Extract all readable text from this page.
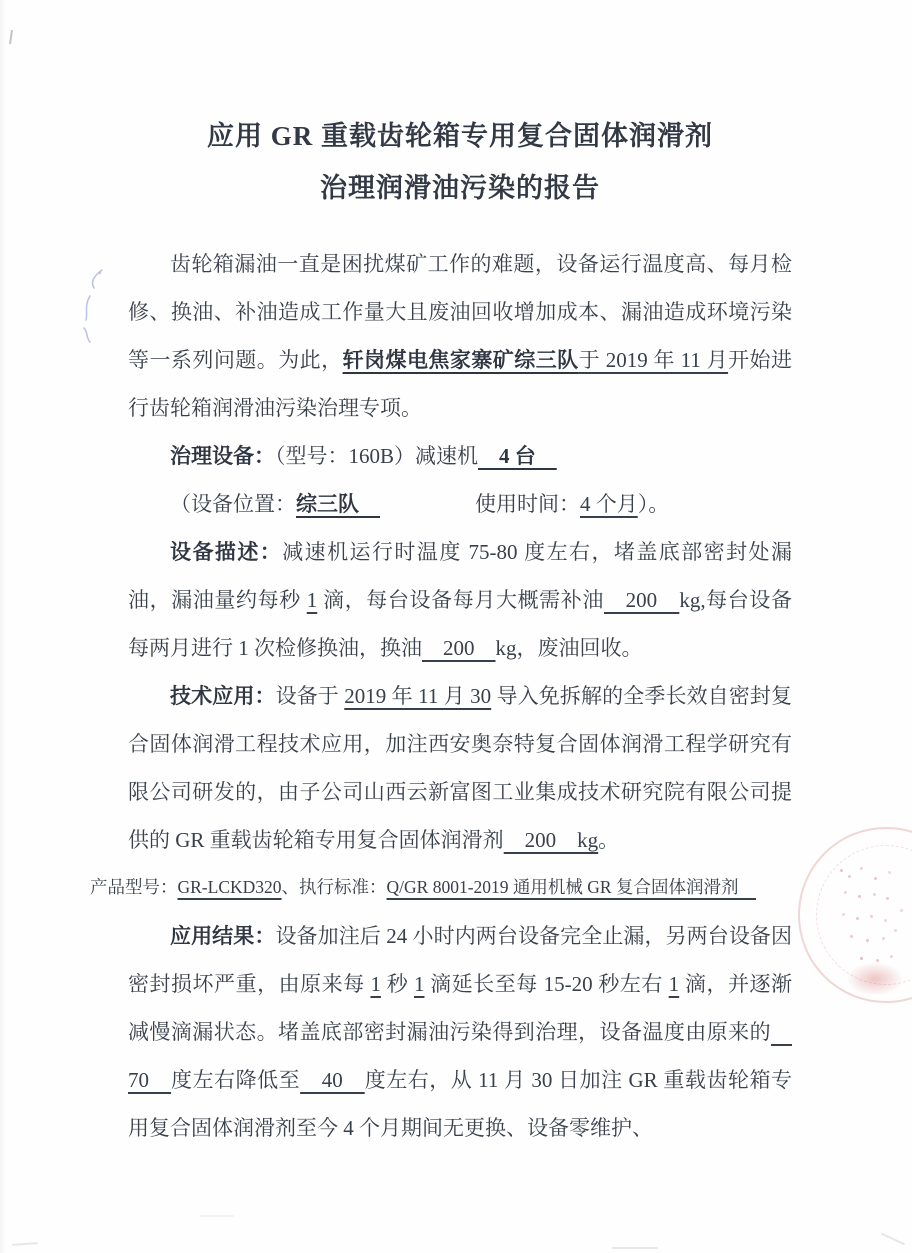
应用 GR 重载齿轮箱专用复合固体润滑剂
治理润滑油污染的报告

齿轮箱漏油一直是困扰煤矿工作的难题，设备运行温度高、每月检修、换油、补油造成工作量大且废油回收增加成本、漏油造成环境污染等一系列问题。为此，轩岗煤电焦家寨矿综三队于 2019 年 11 月开始进行齿轮箱润滑油污染治理专项。

治理设备：（型号：160B）减速机　4 台　

（设备位置：综三队　	使用时间：4 个月）。

设备描述：减速机运行时温度 75-80 度左右，堵盖底部密封处漏油，漏油量约每秒 1 滴，每台设备每月大概需补油　200　kg,每台设备每两月进行 1 次检修换油，换油　200　kg，废油回收。

技术应用：设备于 2019 年 11 月 30 导入免拆解的全季长效自密封复合固体润滑工程技术应用，加注西安奥奈特复合固体润滑工程学研究有限公司研发的，由子公司山西云新富图工业集成技术研究院有限公司提供的 GR 重载齿轮箱专用复合固体润滑剂　200　kg。

产品型号：GR-LCKD320、执行标准：Q/GR 8001-2019 通用机械 GR 复合固体润滑剂　

应用结果：设备加注后 24 小时内两台设备完全止漏，另两台设备因密封损坏严重，由原来每 1 秒 1 滴延长至每 15-20 秒左右 1 滴，并逐渐减慢滴漏状态。堵盖底部密封漏油污染得到治理，设备温度由原来的　70　度左右降低至　40　度左右，从 11 月 30 日加注 GR 重载齿轮箱专用复合固体润滑剂至今 4 个月期间无更换、设备零维护、
